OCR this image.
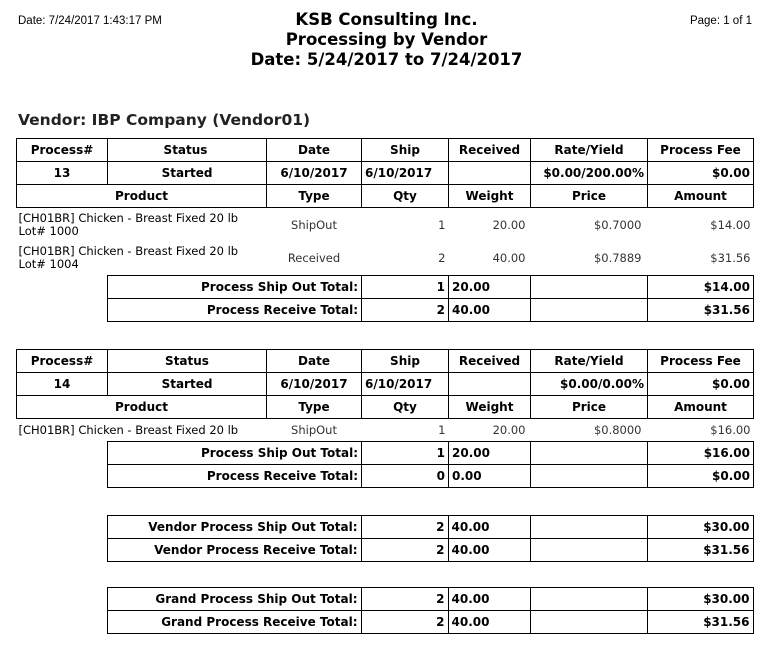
Date: 7/24/2017 1:43:17 PM	Page: 1 of 1
KSB Consulting Inc.
Processing by Vendor
Date: 5/24/2017 to 7/24/2017
Vendor: IBP Company (Vendor01)
Process#	Status	Date	Ship	Received	Rate/Yield	Process Fee
13	Started	6/10/2017	6/10/2017		$0.00/200.00%	$0.00
Product		Type	Qty	Weight	Price	Amount
[CH01BR] Chicken - Breast Fixed 20 lb Lot# 1000		ShipOut	1	20.00	$0.7000	$14.00
[CH01BR] Chicken - Breast Fixed 20 lb Lot# 1004		Received	2	40.00	$0.7889	$31.56
	Process Ship Out Total:		1	20.00		$14.00
	Process Receive Total:		2	40.00		$31.56
Process#	Status	Date	Ship	Received	Rate/Yield	Process Fee
14	Started	6/10/2017	6/10/2017		$0.00/0.00%	$0.00
Product		Type	Qty	Weight	Price	Amount
[CH01BR] Chicken - Breast Fixed 20 lb		ShipOut	1	20.00	$0.8000	$16.00
	Process Ship Out Total:		1	20.00		$16.00
	Process Receive Total:		0	0.00		$0.00
	Vendor Process Ship Out Total:	2	40.00		$30.00
	Vendor Process Receive Total:	2	40.00		$31.56
	Grand Process Ship Out Total:	2	40.00		$30.00
	Grand Process Receive Total:	2	40.00		$31.56
